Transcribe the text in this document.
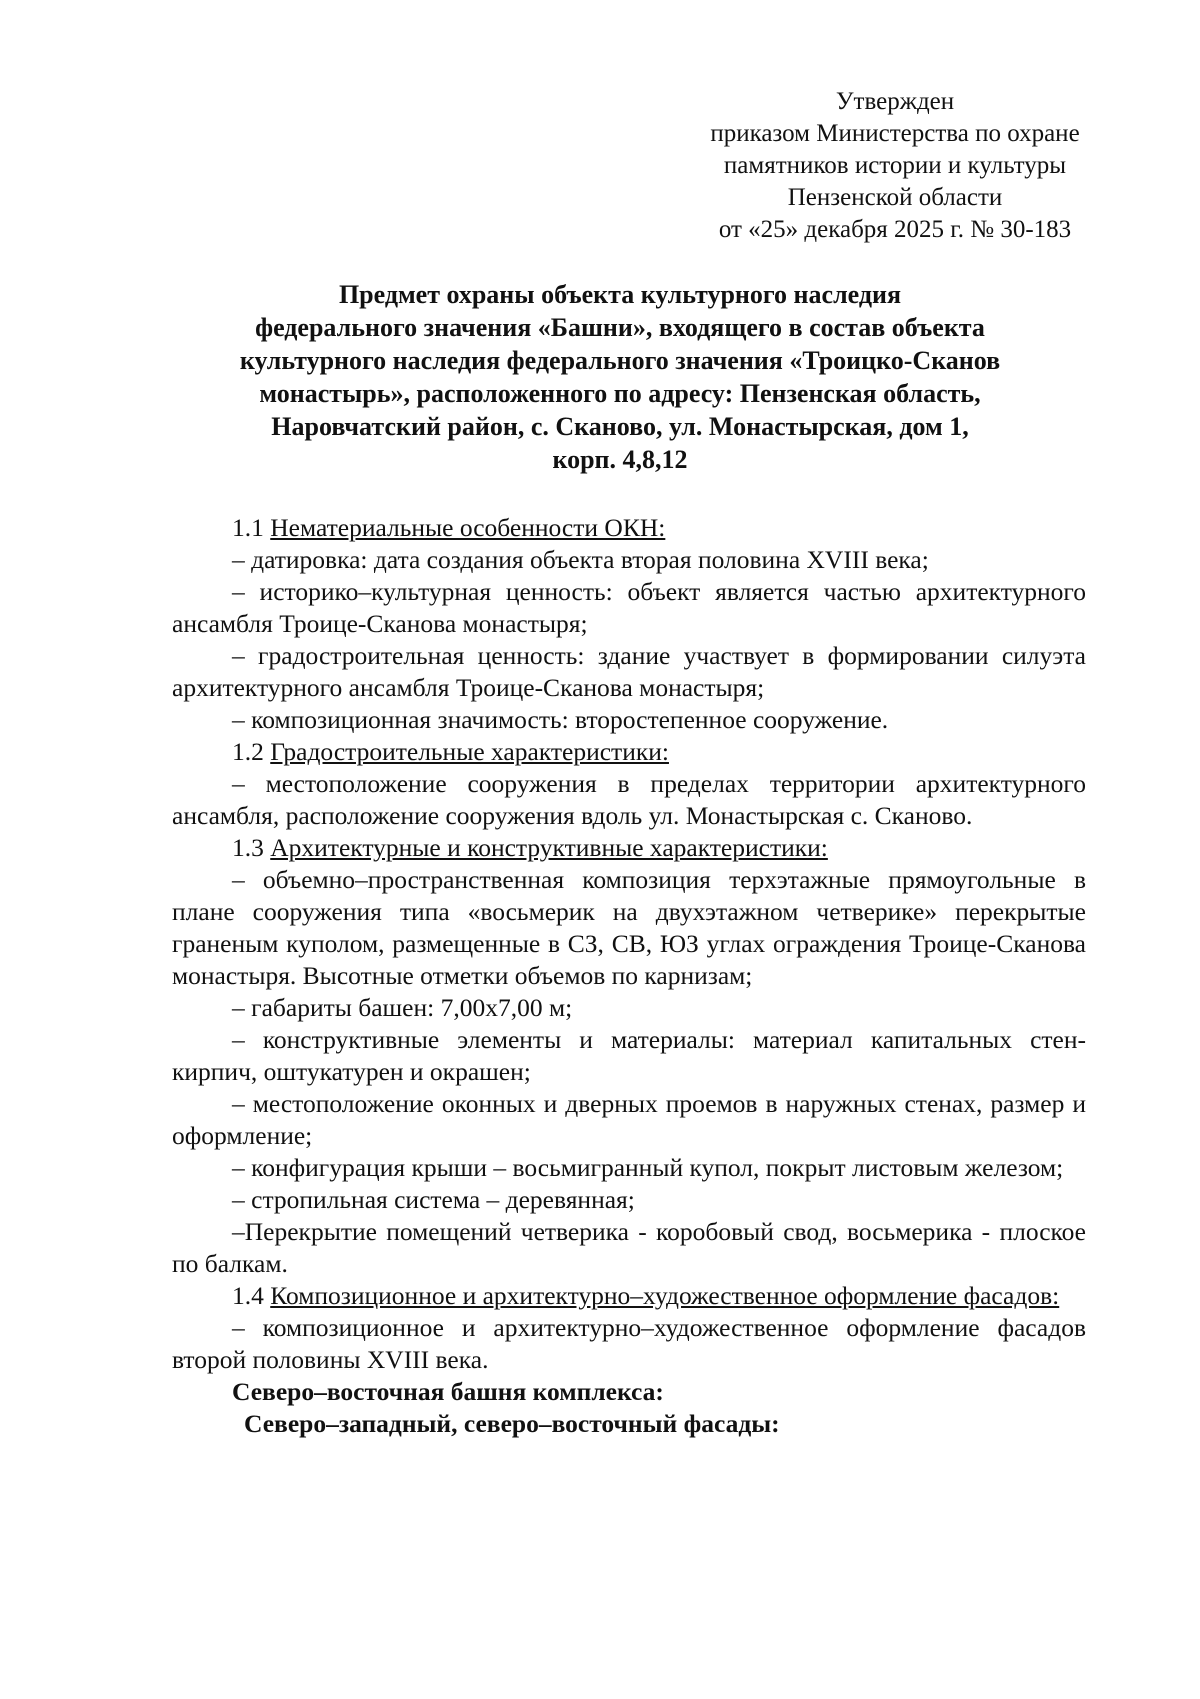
Утвержден
приказом Министерства по охране
памятников истории и культуры
Пензенской области
от «25» декабря 2025 г. № 30-183
Предмет охраны объекта культурного наследия
федерального значения «Башни», входящего в состав объекта
культурного наследия федерального значения «Троицко-Сканов
монастырь», расположенного по адресу: Пензенская область,
Наровчатский район, с. Сканово, ул. Монастырская, дом 1,
корп. 4,8,12

1.1 Нематериальные особенности ОКН:

– датировка: дата создания объекта вторая половина XVIII века;

– историко–культурная ценность: объект является частью архитектурного ансамбля Троице-Сканова монастыря;

– градостроительная ценность: здание участвует в формировании силуэта архитектурного ансамбля Троице-Сканова монастыря;

– композиционная значимость: второстепенное сооружение.

1.2 Градостроительные характеристики:

– местоположение сооружения в пределах территории архитектурного ансамбля, расположение сооружения вдоль ул. Монастырская с. Сканово.

1.3 Архитектурные и конструктивные характеристики:

– объемно–пространственная композиция терхэтажные прямоугольные в плане сооружения типа «восьмерик на двухэтажном четверике» перекрытые граненым куполом, размещенные в СЗ, СВ, ЮЗ углах ограждения Троице-Сканова монастыря. Высотные отметки объемов по карнизам;

– габариты башен: 7,00х7,00 м;

– конструктивные элементы и материалы: материал капитальных стен- кирпич, оштукатурен и окрашен;

– местоположение оконных и дверных проемов в наружных стенах, размер и оформление;

– конфигурация крыши – восьмигранный купол, покрыт листовым железом;

– стропильная система – деревянная;

–Перекрытие помещений четверика - коробовый свод, восьмерика - плоское по балкам.

1.4 Композиционное и архитектурно–художественное оформление фасадов:

– композиционное и архитектурно–художественное оформление фасадов второй половины XVIII века.

Северо–восточная башня комплекса:

Северо–западный, северо–восточный фасады:
